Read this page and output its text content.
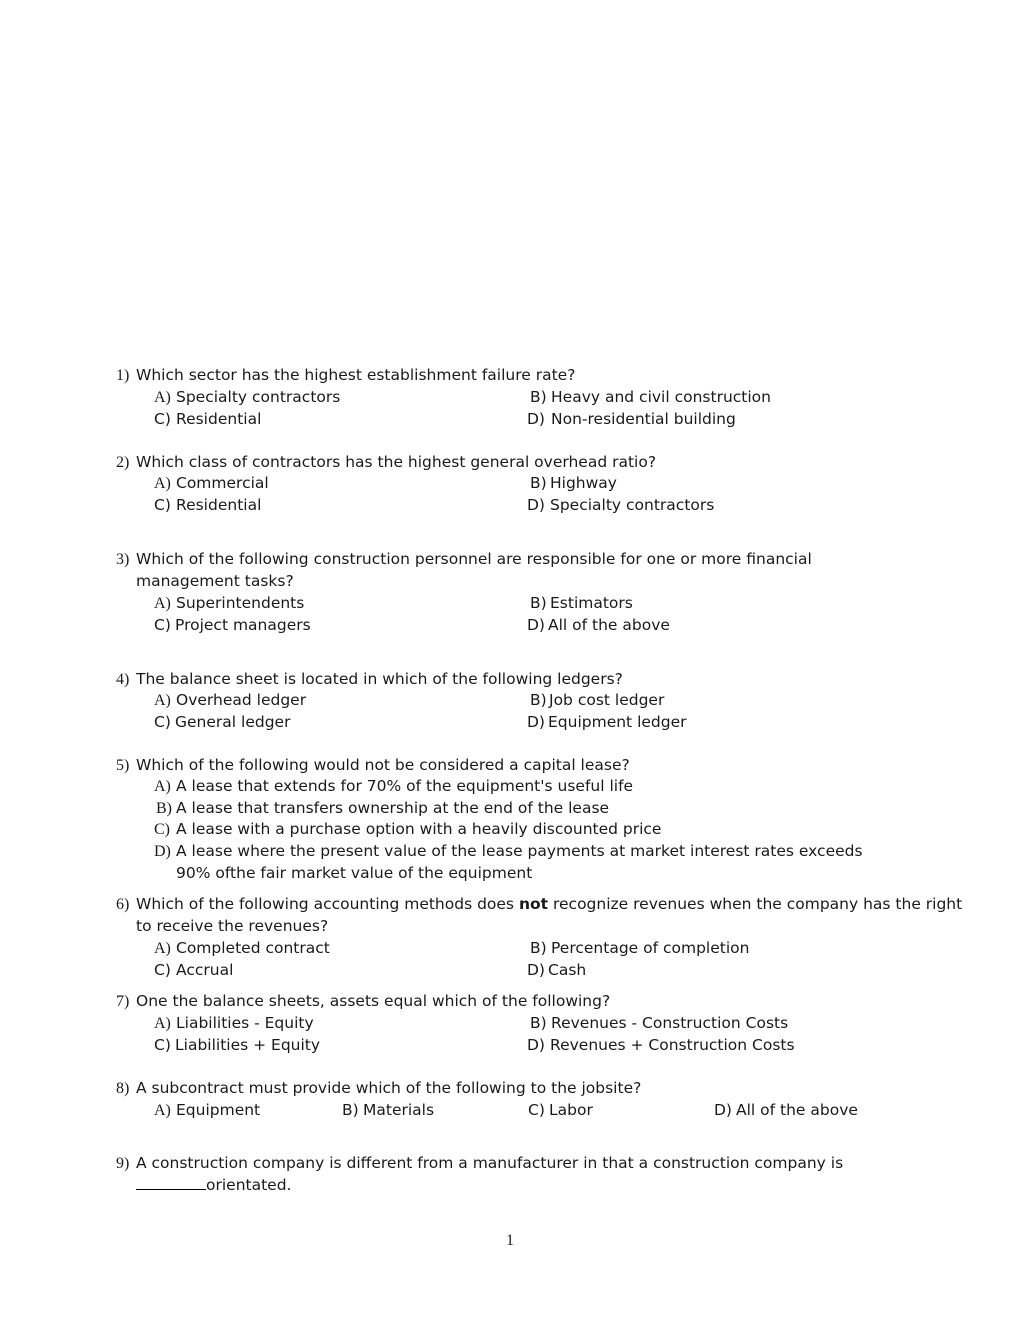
1) Which sector has the highest establishment failure rate?
A) Specialty contractors	B) Heavy and civil construction
C) Residential	D) Non-residential building
2) Which class of contractors has the highest general overhead ratio?
A) Commercial	B) Highway
C) Residential	D) Specialty contractors
3) Which of the following construction personnel are responsible for one or more financial
management tasks?
A) Superintendents	B) Estimators
C) Project managers	D) All of the above
4) The balance sheet is located in which of the following ledgers?
A) Overhead ledger	B) Job cost ledger
C) General ledger	D) Equipment ledger
5) Which of the following would not be considered a capital lease?
A) A lease that extends for 70% of the equipment's useful life
B) A lease that transfers ownership at the end of the lease
C) A lease with a purchase option with a heavily discounted price
D) A lease where the present value of the lease payments at market interest rates exceeds
90% ofthe fair market value of the equipment
6) Which of the following accounting methods does not recognize revenues when the company has the right
to receive the revenues?
A) Completed contract	B) Percentage of completion
C) Accrual	D) Cash
7) One the balance sheets, assets equal which of the following?
A) Liabilities - Equity	B) Revenues - Construction Costs
C) Liabilities + Equity	D) Revenues + Construction Costs
8) A subcontract must provide which of the following to the jobsite?
A) Equipment	B) Materials	C) Labor	D) All of the above
9) A construction company is different from a manufacturer in that a construction company is
orientated.
1
